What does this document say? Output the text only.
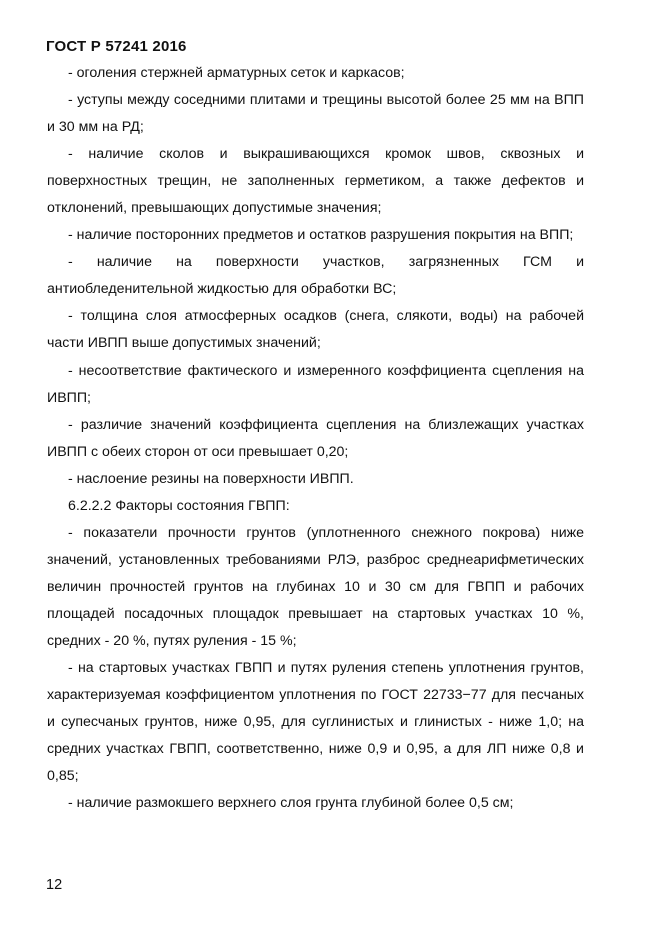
ГОСТ Р 57241 2016

- оголения стержней арматурных сеток и каркасов;

- уступы между соседними плитами и трещины высотой более 25 мм на ВПП и 30 мм на РД;

- наличие сколов и выкрашивающихся кромок швов, сквозных и поверхностных трещин, не заполненных герметиком, а также дефектов и отклонений, превышающих допустимые значения;

- наличие посторонних предметов и остатков разрушения покрытия на ВПП;

- наличие на поверхности участков, загрязненных ГСМ и антиобледенительной жидкостью для обработки ВС;

- толщина слоя атмосферных осадков (снега, слякоти, воды) на рабочей части ИВПП выше допустимых значений;

- несоответствие фактического и измеренного коэффициента сцепления на ИВПП;

- различие значений коэффициента сцепления на близлежащих участках ИВПП с обеих сторон от оси превышает 0,20;

- наслоение резины на поверхности ИВПП.

6.2.2.2 Факторы состояния ГВПП:

- показатели прочности грунтов (уплотненного снежного покрова) ниже значений, установленных требованиями РЛЭ, разброс среднеарифметических величин прочностей грунтов на глубинах 10 и 30 см для ГВПП и рабочих площадей посадочных площадок превышает на стартовых участках 10 %, средних - 20 %, путях руления - 15 %;

- на стартовых участках ГВПП и путях руления степень уплотнения грунтов, характеризуемая коэффициентом уплотнения по ГОСТ 22733−77 для песчаных и супесчаных грунтов, ниже 0,95, для суглинистых и глинистых - ниже 1,0; на средних участках ГВПП, соответственно, ниже 0,9 и 0,95, а для ЛП ниже 0,8 и 0,85;

- наличие размокшего верхнего слоя грунта глубиной более 0,5 см;

12
